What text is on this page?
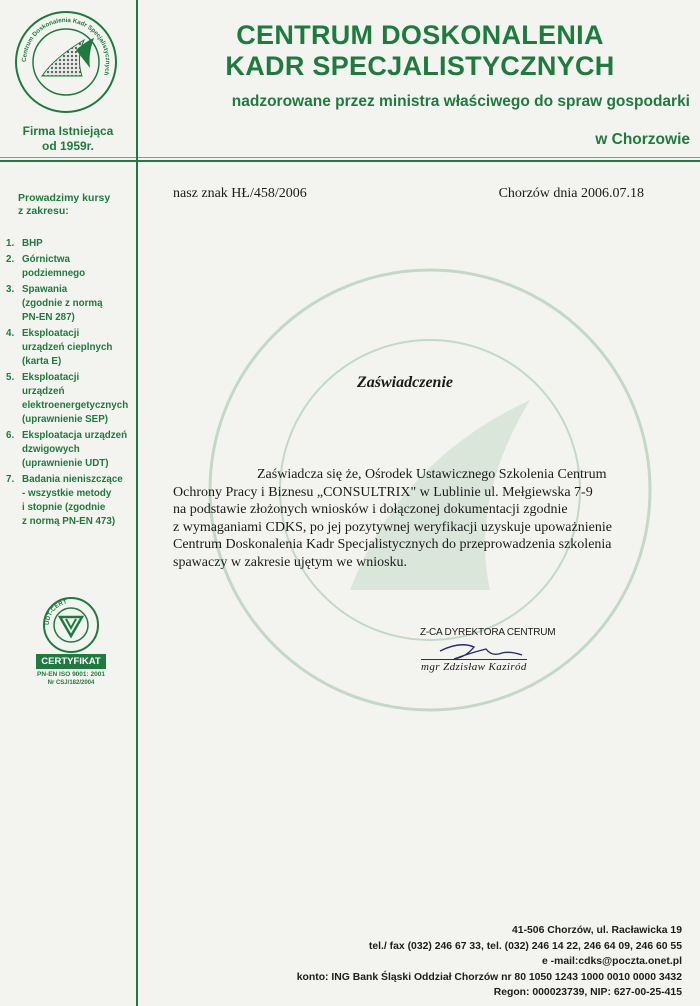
Centrum Doskonalenia Kadr Specjalistycznych
Firma Istniejąca
od 1959r.
CENTRUM DOSKONALENIA
KADR SPECJALISTYCZNYCH
nadzorowane przez ministra właściwego do spraw gospodarki
w Chorzowie
Prowadzimy kursy
z zakresu:
1. BHP
2. Górnictwa
podziemnego
3. Spawania
(zgodnie z normą
PN-EN 287)
4. Eksploatacji
urządzeń cieplnych
(karta E)
5. Eksploatacji
urządzeń
elektroenergetycznych
(uprawnienie SEP)
6. Eksploatacja urządzeń
dzwigowych
(uprawnienie UDT)
7. Badania nieniszczące
- wszystkie metody
i stopnie (zgodnie
z normą PN-EN 473)
UDT-CERT
CERTYFIKAT
PN-EN ISO 9001: 2001
Nr CSJ/182/2004
nasz znak HŁ/458/2006	Chorzów dnia 2006.07.18
Zaświadczenie
Zaświadcza się że, Ośrodek Ustawicznego Szkolenia Centrum
Ochrony Pracy i Biznesu „CONSULTRIX" w Lublinie ul. Mełgiewska 7-9
na podstawie złożonych wniosków i dołączonej dokumentacji zgodnie
z wymaganiami CDKS, po jej pozytywnej weryfikacji uzyskuje upoważnienie
Centrum Doskonalenia Kadr Specjalistycznych do przeprowadzenia szkolenia
spawaczy w zakresie ujętym we wniosku.
Z-CA DYREKTORA CENTRUM
mgr Zdzisław Kaziród
41-506 Chorzów, ul. Racławicka 19
tel./ fax (032) 246 67 33, tel. (032) 246 14 22, 246 64 09, 246 60 55
e -mail:cdks@poczta.onet.pl
konto: ING Bank Śląski Oddział Chorzów nr 80 1050 1243 1000 0010 0000 3432
Regon: 000023739, NIP: 627-00-25-415
